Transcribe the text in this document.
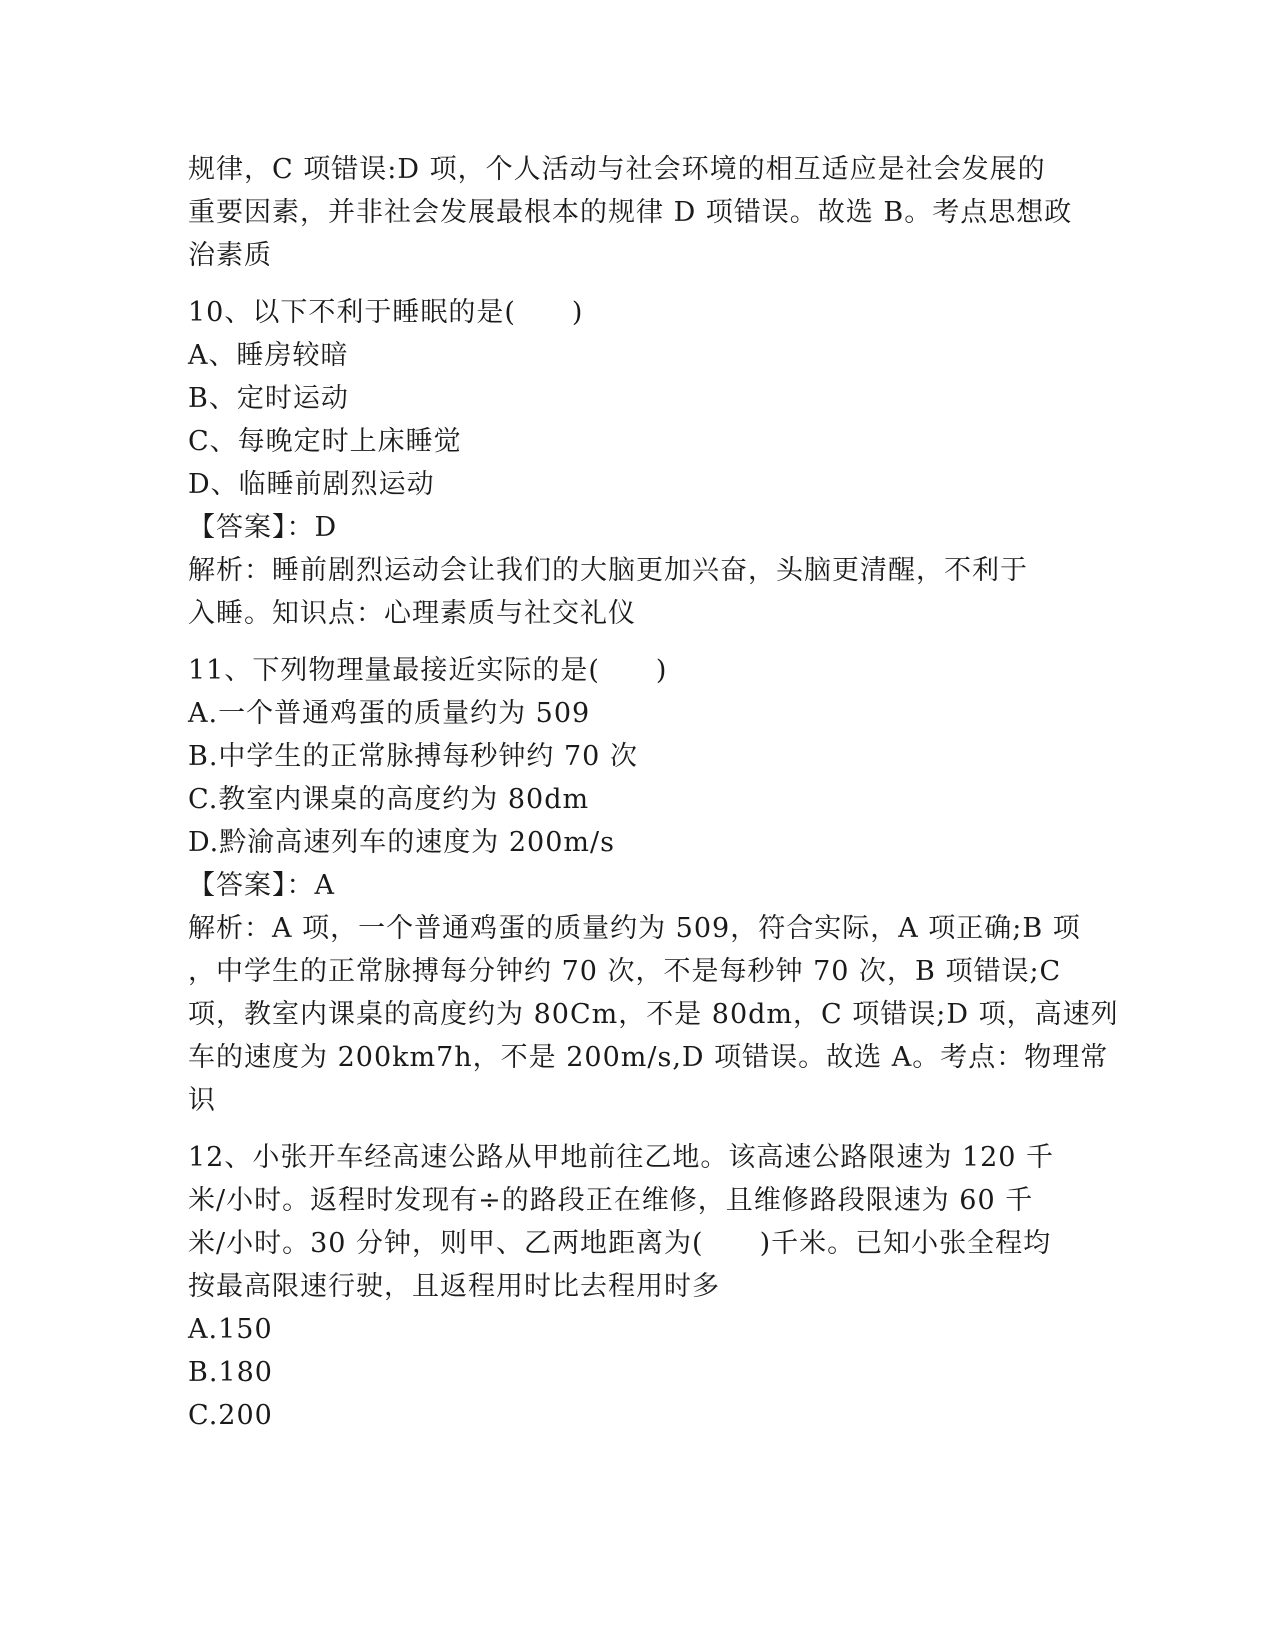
规律，C 项错误:D 项，个人活动与社会环境的相互适应是社会发展的
重要因素，并非社会发展最根本的规律 D 项错误。故选 B。考点思想政
治素质
10、以下不利于睡眠的是(　　)
A、睡房较暗
B、定时运动
C、每晚定时上床睡觉
D、临睡前剧烈运动
【答案】：D
解析：睡前剧烈运动会让我们的大脑更加兴奋，头脑更清醒，不利于
入睡。知识点：心理素质与社交礼仪
11、下列物理量最接近实际的是(　　)
A.一个普通鸡蛋的质量约为 509
B.中学生的正常脉搏每秒钟约 70 次
C.教室内课桌的高度约为 80dm
D.黔渝高速列车的速度为 200m/s
【答案】：A
解析：A 项，一个普通鸡蛋的质量约为 509，符合实际，A 项正确;B 项
，中学生的正常脉搏每分钟约 70 次，不是每秒钟 70 次，B 项错误;C
项，教室内课桌的高度约为 80Cm，不是 80dm，C 项错误;D 项，高速列
车的速度为 200km7h，不是 200m/s,D 项错误。故选 A。考点：物理常
识
12、小张开车经高速公路从甲地前往乙地。该高速公路限速为 120 千
米/小时。返程时发现有÷的路段正在维修，且维修路段限速为 60 千
米/小时。30 分钟，则甲、乙两地距离为(　　)千米。已知小张全程均
按最高限速行驶，且返程用时比去程用时多
A.150
B.180
C.200
